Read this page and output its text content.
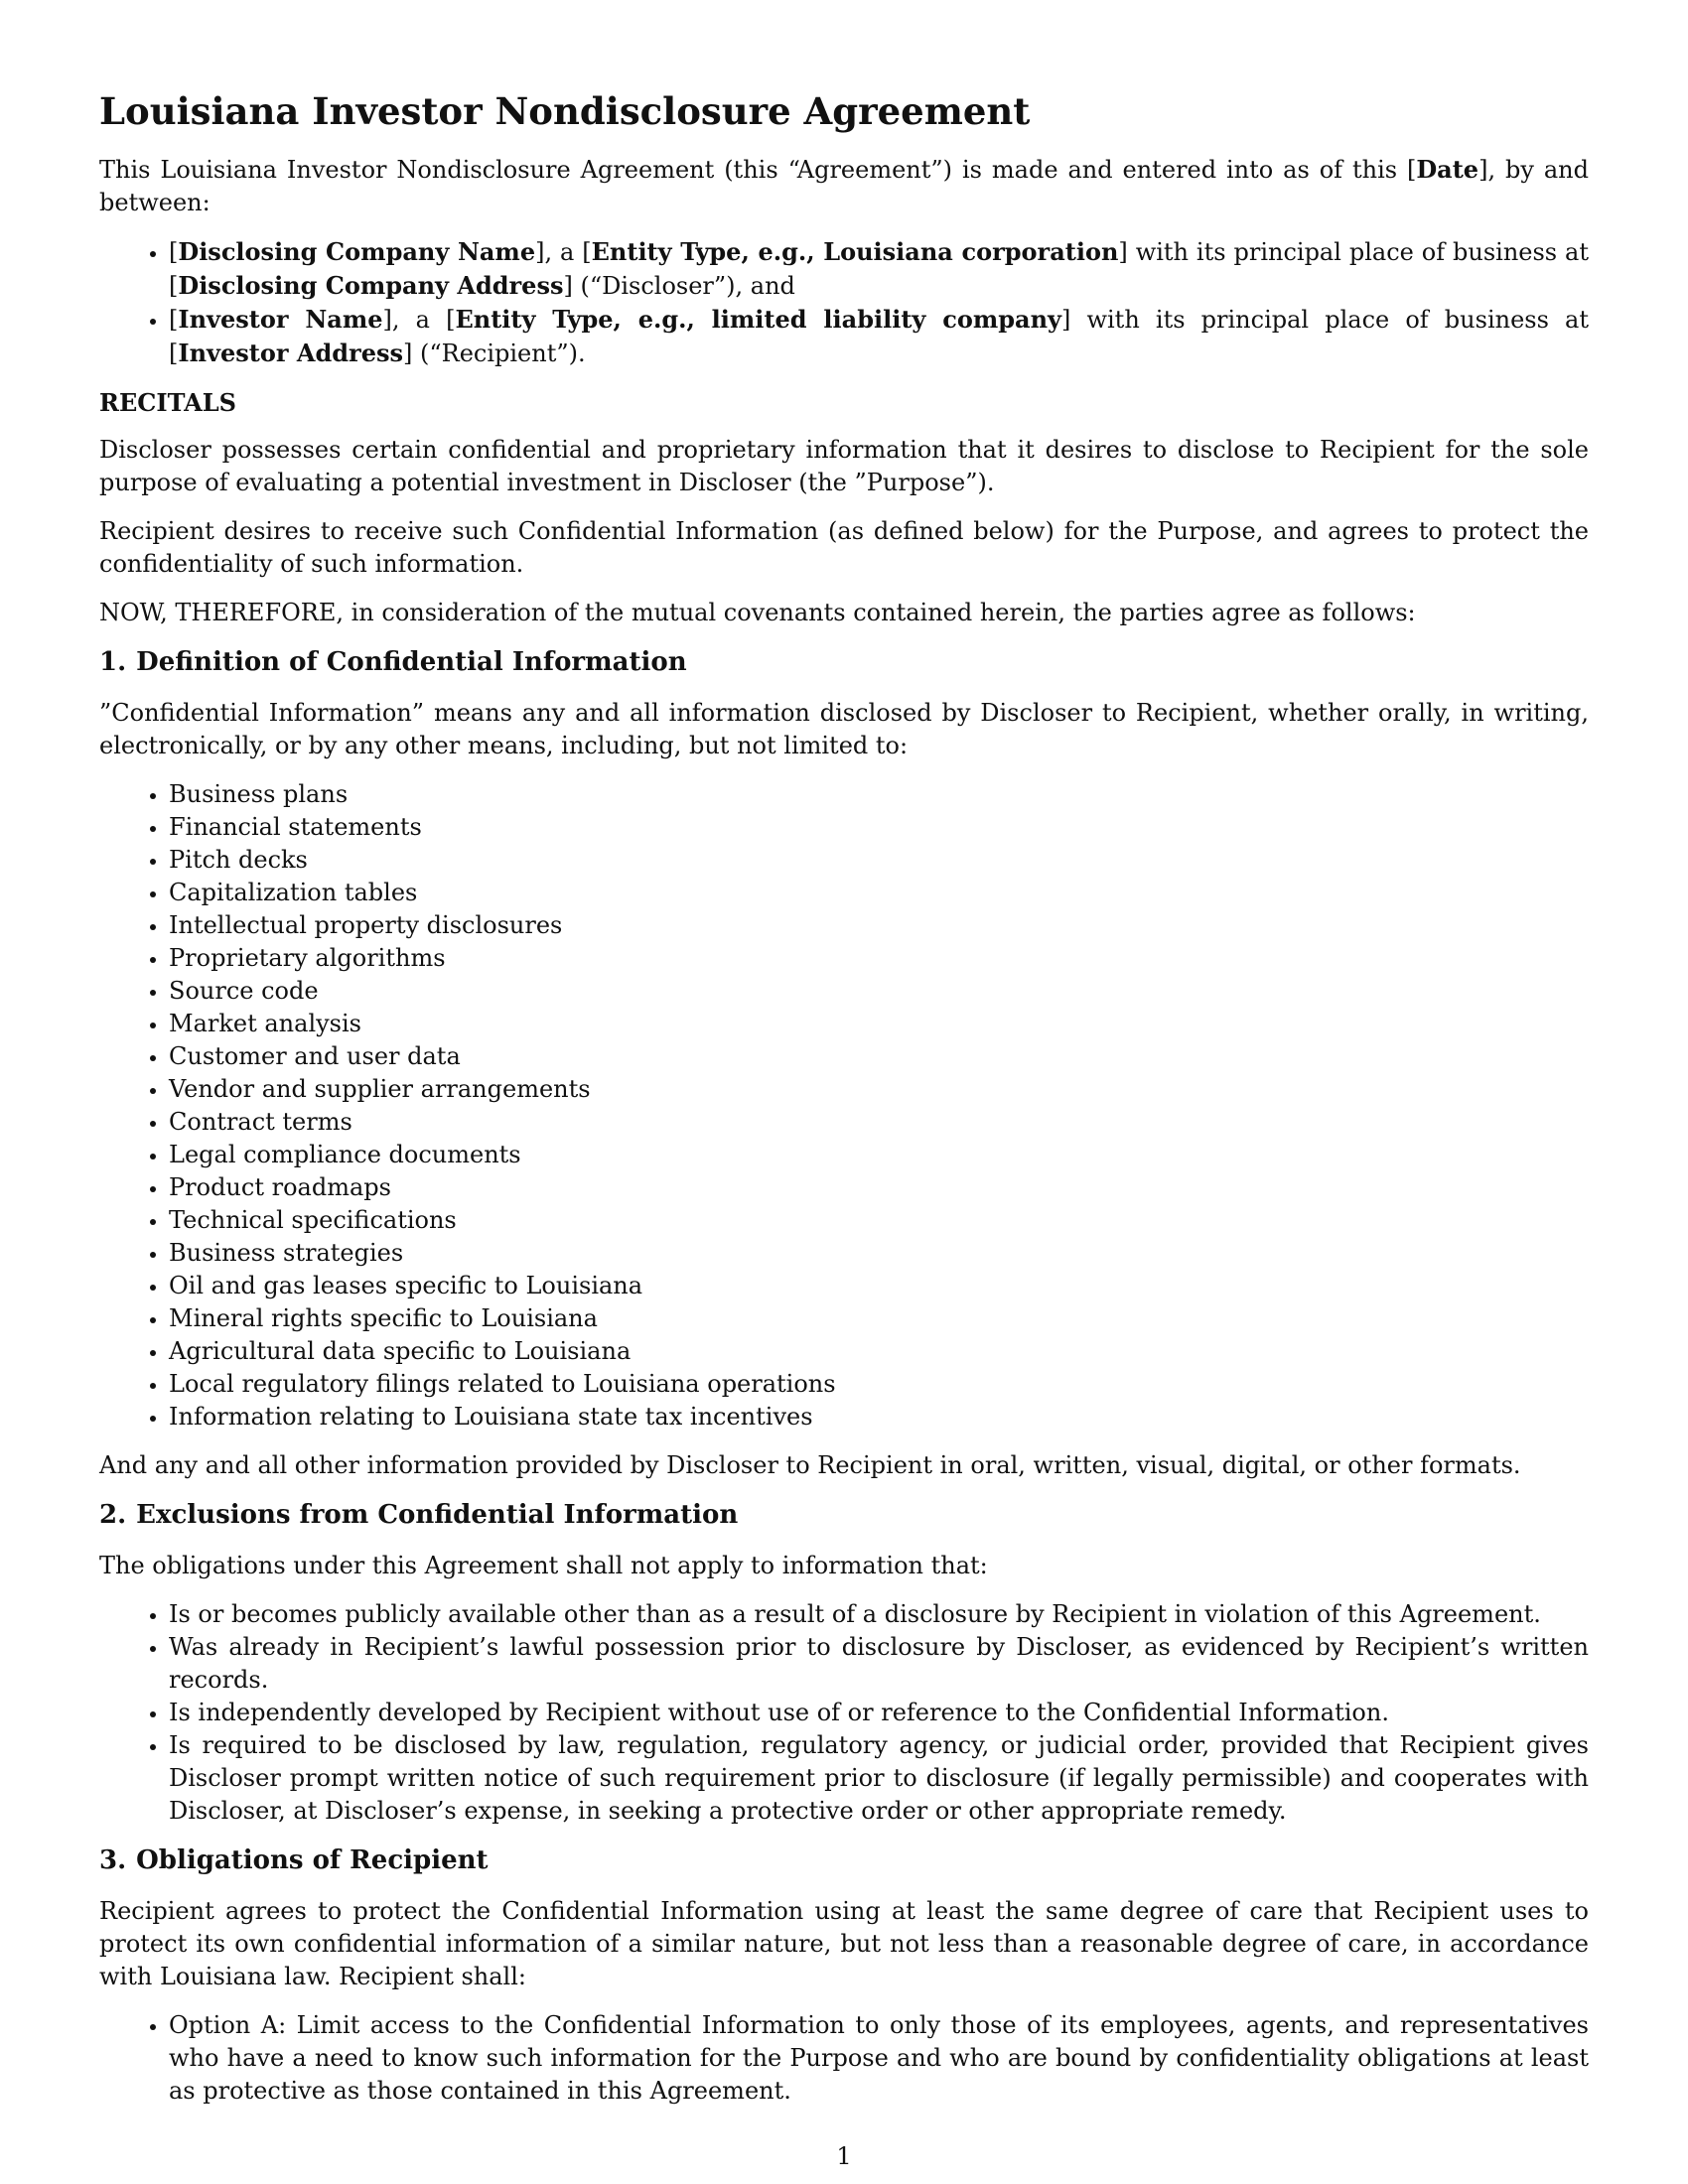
Louisiana Investor Nondisclosure Agreement

This Louisiana Investor Nondisclosure Agreement (this “Agreement”) is made and entered into as of this [Date], by and between:

• [Disclosing Company Name], a [Entity Type, e.g., Louisiana corporation] with its principal place of business at [Disclosing Company Address] (“Discloser”), and
• [Investor Name], a [Entity Type, e.g., limited liability company] with its principal place of business at [Investor Address] (“Recipient”).

RECITALS

Discloser possesses certain confidential and proprietary information that it desires to disclose to Recipient for the sole purpose of evaluating a potential investment in Discloser (the ”Purpose”).

Recipient desires to receive such Confidential Information (as defined below) for the Purpose, and agrees to protect the confidentiality of such information.

NOW, THEREFORE, in consideration of the mutual covenants contained herein, the parties agree as follows:

1. Definition of Confidential Information

”Confidential Information” means any and all information disclosed by Discloser to Recipient, whether orally, in writing, electronically, or by any other means, including, but not limited to:

• Business plans
• Financial statements
• Pitch decks
• Capitalization tables
• Intellectual property disclosures
• Proprietary algorithms
• Source code
• Market analysis
• Customer and user data
• Vendor and supplier arrangements
• Contract terms
• Legal compliance documents
• Product roadmaps
• Technical specifications
• Business strategies
• Oil and gas leases specific to Louisiana
• Mineral rights specific to Louisiana
• Agricultural data specific to Louisiana
• Local regulatory filings related to Louisiana operations
• Information relating to Louisiana state tax incentives

And any and all other information provided by Discloser to Recipient in oral, written, visual, digital, or other formats.

2. Exclusions from Confidential Information

The obligations under this Agreement shall not apply to information that:

• Is or becomes publicly available other than as a result of a disclosure by Recipient in violation of this Agreement.
• Was already in Recipient’s lawful possession prior to disclosure by Discloser, as evidenced by Recipient’s written records.
• Is independently developed by Recipient without use of or reference to the Confidential Information.
• Is required to be disclosed by law, regulation, regulatory agency, or judicial order, provided that Recipient gives Discloser prompt written notice of such requirement prior to disclosure (if legally permissible) and cooperates with Discloser, at Discloser’s expense, in seeking a protective order or other appropriate remedy.
3. Obligations of Recipient

Recipient agrees to protect the Confidential Information using at least the same degree of care that Recipient uses to protect its own confidential information of a similar nature, but not less than a reasonable degree of care, in accordance with Louisiana law. Recipient shall:

• Option A: Limit access to the Confidential Information to only those of its employees, agents, and representatives who have a need to know such information for the Purpose and who are bound by confidentiality obligations at least as protective as those contained in this Agreement.
1
